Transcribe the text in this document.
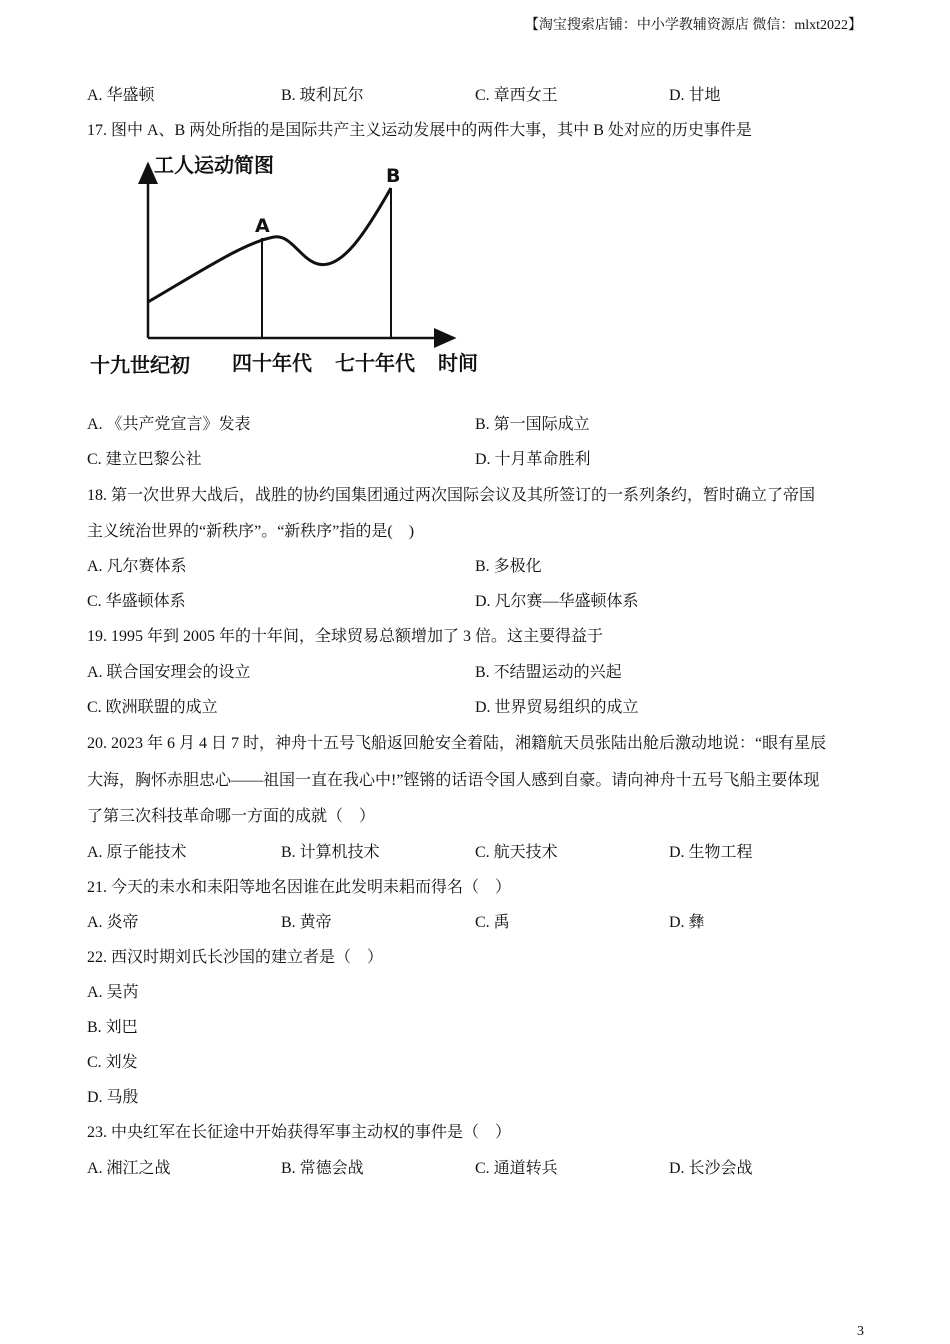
【淘宝搜索店铺：中小学教辅资源店 微信：mlxt2022】
A. 华盛顿	B. 玻利瓦尔	C. 章西女王	D. 甘地
17. 图中 A、B 两处所指的是国际共产主义运动发展中的两件大事，其中 B 处对应的历史事件是
工人运动简图
A
B
十九世纪初 四十年代 七十年代 时间
A. 《共产党宣言》发表	B. 第一国际成立
C. 建立巴黎公社	D. 十月革命胜利
18. 第一次世界大战后，战胜的协约国集团通过两次国际会议及其所签订的一系列条约，暂时确立了帝国
主义统治世界的“新秩序”。“新秩序”指的是(　)
A. 凡尔赛体系	B. 多极化
C. 华盛顿体系	D. 凡尔赛—华盛顿体系
19. 1995 年到 2005 年的十年间，全球贸易总额增加了 3 倍。这主要得益于
A. 联合国安理会的设立	B. 不结盟运动的兴起
C. 欧洲联盟的成立	D. 世界贸易组织的成立
20. 2023 年 6 月 4 日 7 时，神舟十五号飞船返回舱安全着陆，湘籍航天员张陆出舱后激动地说：“眼有星辰
大海，胸怀赤胆忠心——祖国一直在我心中!”铿锵的话语令国人感到自豪。请向神舟十五号飞船主要体现
了第三次科技革命哪一方面的成就（　）
A. 原子能技术	B. 计算机技术	C. 航天技术	D. 生物工程
21. 今天的耒水和耒阳等地名因谁在此发明耒耜而得名（　）
A. 炎帝	B. 黄帝	C. 禹	D. 彝
22. 西汉时期刘氏长沙国的建立者是（　）
A. 吴芮
B. 刘巴
C. 刘发
D. 马殷
23. 中央红军在长征途中开始获得军事主动权的事件是（　）
A. 湘江之战	B. 常德会战	C. 通道转兵	D. 长沙会战
3
